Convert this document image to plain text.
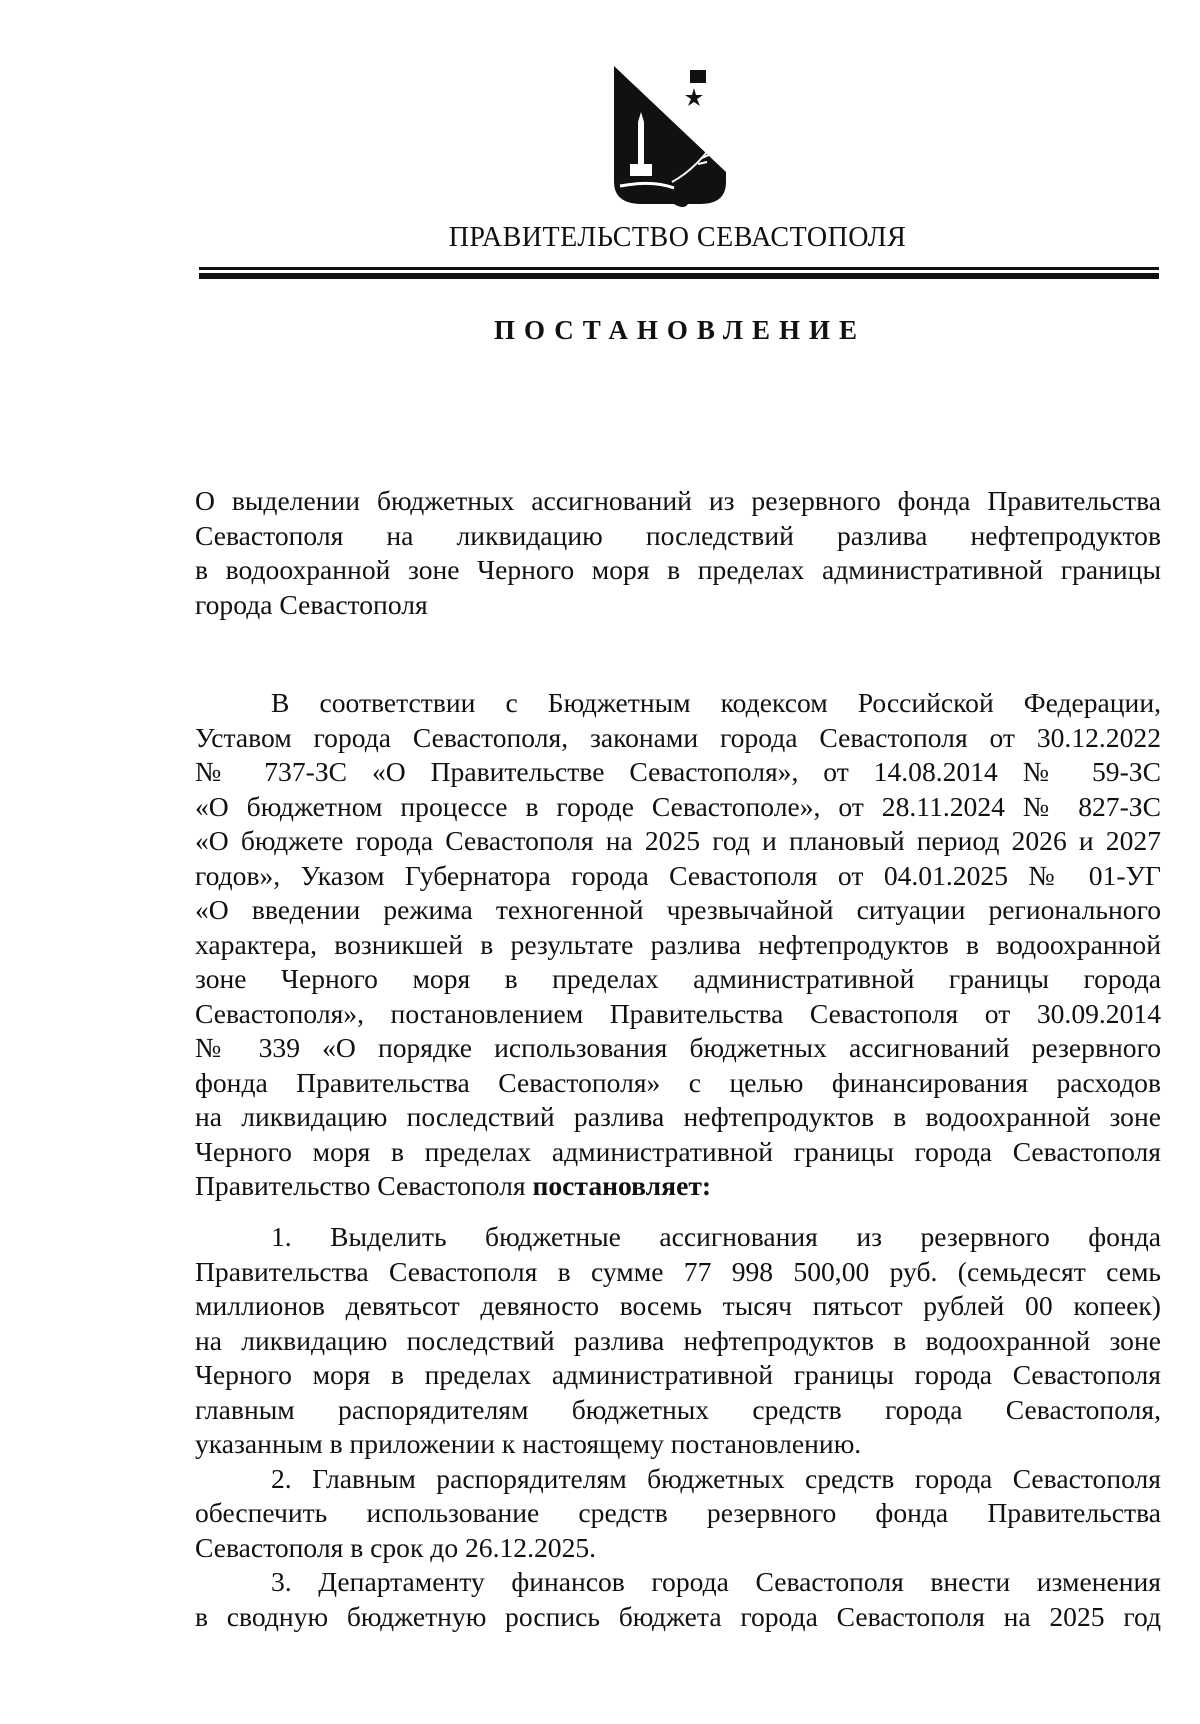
ПРАВИТЕЛЬСТВО СЕВАСТОПОЛЯ
ПОСТАНОВЛЕНИЕ
О выделении бюджетных ассигнований из резервного фонда Правительства
Севастополя на ликвидацию последствий разлива нефтепродуктов
в водоохранной зоне Черного моря в пределах административной границы
города Севастополя
В соответствии с Бюджетным кодексом Российской Федерации,
Уставом города Севастополя, законами города Севастополя от 30.12.2022
№ 737-ЗС «О Правительстве Севастополя», от 14.08.2014 № 59-ЗС
«О бюджетном процессе в городе Севастополе», от 28.11.2024 № 827-ЗС
«О бюджете города Севастополя на 2025 год и плановый период 2026 и 2027
годов», Указом Губернатора города Севастополя от 04.01.2025 № 01-УГ
«О введении режима техногенной чрезвычайной ситуации регионального
характера, возникшей в результате разлива нефтепродуктов в водоохранной
зоне Черного моря в пределах административной границы города
Севастополя», постановлением Правительства Севастополя от 30.09.2014
№ 339 «О порядке использования бюджетных ассигнований резервного
фонда Правительства Севастополя» с целью финансирования расходов
на ликвидацию последствий разлива нефтепродуктов в водоохранной зоне
Черного моря в пределах административной границы города Севастополя
Правительство Севастополя постановляет:
1. Выделить бюджетные ассигнования из резервного фонда
Правительства Севастополя в сумме 77 998 500,00 руб. (семьдесят семь
миллионов девятьсот девяносто восемь тысяч пятьсот рублей 00 копеек)
на ликвидацию последствий разлива нефтепродуктов в водоохранной зоне
Черного моря в пределах административной границы города Севастополя
главным распорядителям бюджетных средств города Севастополя,
указанным в приложении к настоящему постановлению.
2. Главным распорядителям бюджетных средств города Севастополя
обеспечить использование средств резервного фонда Правительства
Севастополя в срок до 26.12.2025.
3. Департаменту финансов города Севастополя внести изменения
в сводную бюджетную роспись бюджета города Севастополя на 2025 год
